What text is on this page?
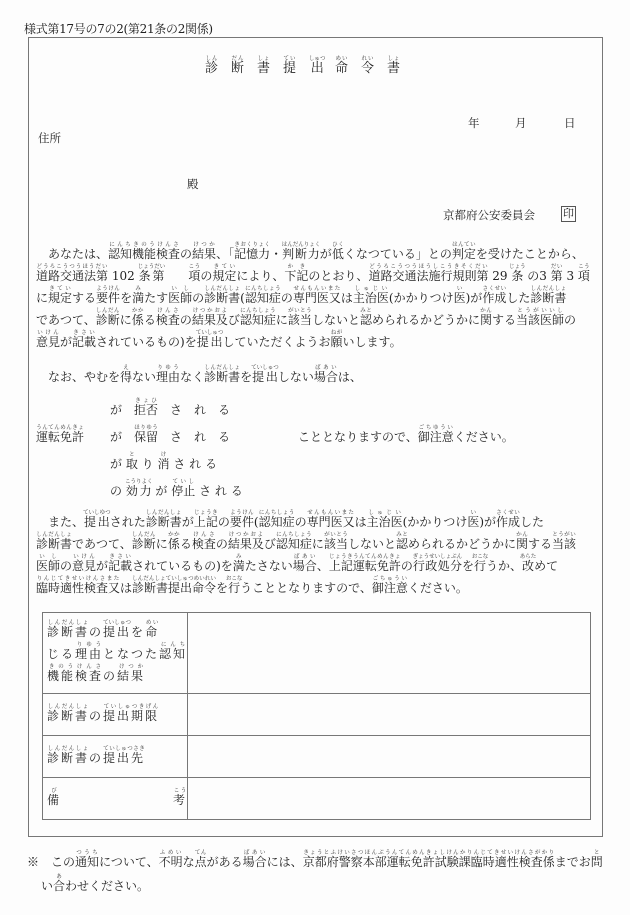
様式第17号の7の2(第21条の2関係)
診しん断だん書しょ提てい出しゅつ命めい令れい書しょ
年	月	日
住所
殿
京都府公安委員会	印
あなたは、認知機能検査にんちきのうけんさの結果けつか、「記憶力きおくりょく・判断力はんだんりょくが低ひくくなつている」との判定はんていを受けたことから、
道路交通法第どうろこうつうほうだい 102 条第じょうだい　　項こうの規定きていにより、下記かきのとおり、道路交通法施行規則第どうろこうつうほうしこうきそくだい 29 条じょう の3 第だい 3 項こう
に規定きていする要件ようけんを満みたす医師いしの診断書しんだんしょ(認知症にんちしょうの専門医又せんもんいまたは主治医しゅじい(かかりつけ医い)が作成さくせいした診断書しんだんしょ
であつて、診断しんだんに係かかる検査けんさの結果及けつかおよび認知症にんちしょうに該当がいとうしないと認みとめられるかどうかに関かんする当該医師とうがいいしの
意見いけんが記載きさいされているもの)を提出ていしゅつしていただくようお願ねがいします。
なお、やむを得えない理由りゆうなく診断書しんだんしょを提出ていしゅつしない場合ばあいは、
運転免許うんてんめんきょ
が　拒否きょひ　さ　れ　る
が　保留ほりゆう　さ　れ　る
が 取と り 消け さ れ る
の 効力こうりよく が 停止ていし さ れ る
こととなりますので、御注意ごちゆういください。
また、提出ていしゆつされた診断書しんだんしょが上記じょうきの要件ようけん(認知症にんちしょうの専門医又せんもんいまたは主治医しゅじい(かかりつけ医い)が作成さくせいした
診断書しんだんしょであつて、診断しんだんに係かかる検査けんさの結果及けつかおよび認知症にんちしょうに該当がいとうしないと認みとめられるかどうかに関かんする当該とうがい
医師いしの意見いけんが記載きさいされているもの)を満みたさない場合ばあい、上記運転免許じょうきうんてんめんきょの行政処分ぎょうせいしょぶんを行おこなうか、改あらためて
臨時適性検査又りんじてきせいけんさまたは診断書提出命令しんだんしょていしゅつめいれいを行おこなうこととなりますので、御注意ごちゅういください。
診断書しんだんしょの提出ていしゅつを命めい
じる理由りゆうとなつた認知にんち
機能検査きのうけんさの結果けつか	

診断書しんだんしょの提出期限ていしゅつきげん	

診断書しんだんしょの提出先ていしゅつさき	

備び　　　　　　　　考こう	

※　 この通知つうちについて、不明ふめいな点てんがある場合ばあいには、京都府警察本部運転免許試験課臨時適性検査係きょうとふけいさつほんぶうんてんめんきょしけんかりんじてきせいけんさがかりまでお問と
い合あわせください。
